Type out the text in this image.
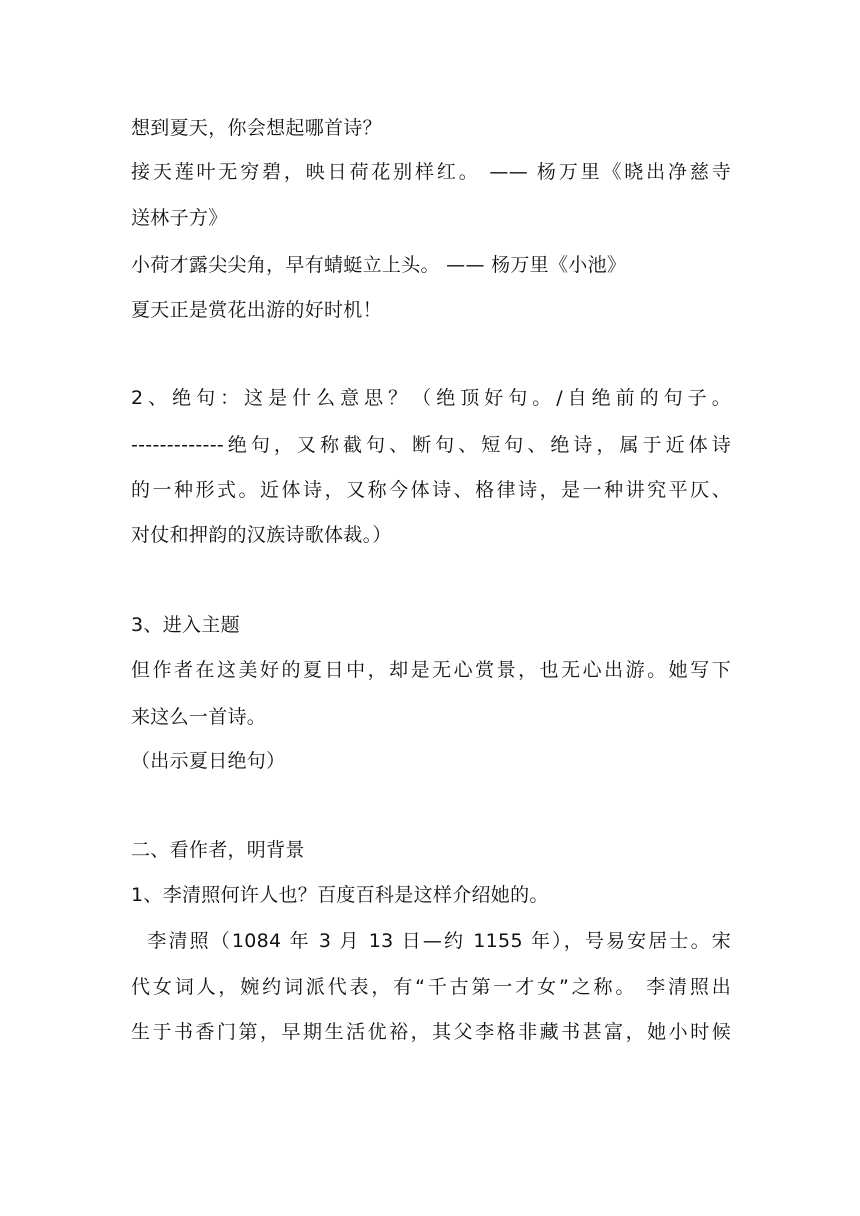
想到夏天，你会想起哪首诗？
接天莲叶无穷碧，映日荷花别样红。 —— 杨万里《晓出净慈寺
送林子方》
小荷才露尖尖角，早有蜻蜓立上头。 —— 杨万里《小池》
夏天正是赏花出游的好时机！
2、绝句：这是什么意思？（绝顶好句。/自绝前的句子。
-------------绝句，又称截句、断句、短句、绝诗，属于近体诗
的一种形式。近体诗，又称今体诗、格律诗，是一种讲究平仄、
对仗和押韵的汉族诗歌体裁。）
3、进入主题
但作者在这美好的夏日中，却是无心赏景，也无心出游。她写下
来这么一首诗。
（出示夏日绝句）
二、看作者，明背景
1、李清照何许人也？百度百科是这样介绍她的。
李清照（1084 年 3 月 13 日—约 1155 年），号易安居士。宋
代女词人，婉约词派代表，有“千古第一才女”之称。 李清照出
生于书香门第，早期生活优裕，其父李格非藏书甚富，她小时候
